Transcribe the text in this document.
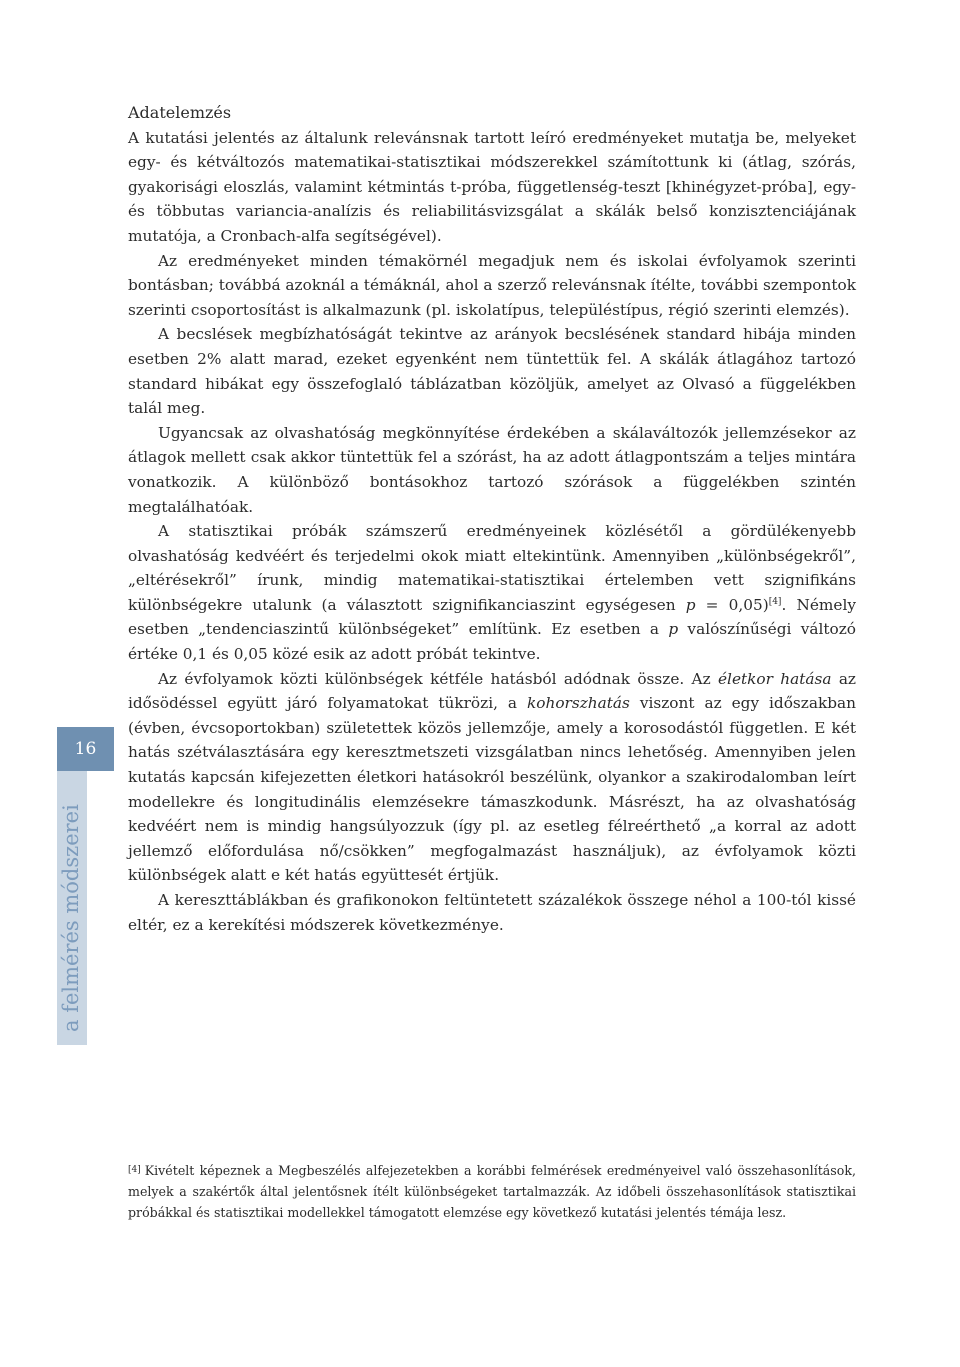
16
a felmérés módszerei
Adatelemzés

A kutatási jelentés az általunk relevánsnak tartott leíró eredményeket mutatja be, melyeket egy- és kétváltozós matematikai-statisztikai módszerekkel számítottunk ki (átlag, szórás, gyakorisági eloszlás, valamint kétmintás t-próba, függetlenség-teszt [khinégyzet-próba], egy- és többutas variancia-analízis és reliabilitásvizsgálat a skálák belső konzisztenciájának mutatója, a Cronbach-alfa segítségével).

Az eredményeket minden témakörnél megadjuk nem és iskolai évfolyamok szerinti bontásban; továbbá azoknál a témáknál, ahol a szerző relevánsnak ítélte, további szempontok szerinti csoportosítást is alkalmazunk (pl. iskolatípus, településtípus, régió szerinti elemzés).

A becslések megbízhatóságát tekintve az arányok becslésének standard hibája minden esetben 2% alatt marad, ezeket egyenként nem tüntettük fel. A skálák átlagához tartozó standard hibákat egy összefoglaló táblázatban közöljük, amelyet az Olvasó a függelékben talál meg.

Ugyancsak az olvashatóság megkönnyítése érdekében a skálaváltozók jellemzésekor az átlagok mellett csak akkor tüntettük fel a szórást, ha az adott átlagpontszám a teljes mintára vonatkozik. A különböző bontásokhoz tartozó szórások a függelékben szintén megtalálhatóak.

A statisztikai próbák számszerű eredményeinek közlésétől a gördülékenyebb olvashatóság kedvéért és terjedelmi okok miatt eltekintünk. Amennyiben „különbségekről”, „eltérésekről” írunk, mindig matematikai-statisztikai értelemben vett szignifikáns különbségekre utalunk (a választott szignifikanciaszint egységesen p = 0,05)[4]. Némely esetben „tendenciaszintű különbségeket” említünk. Ez esetben a p valószínűségi változó értéke 0,1 és 0,05 közé esik az adott próbát tekintve.

Az évfolyamok közti különbségek kétféle hatásból adódnak össze. Az életkor hatása az idősödéssel együtt járó folyamatokat tükrözi, a kohorszhatás viszont az egy időszakban (évben, évcsoportokban) születettek közös jellemzője, amely a korosodástól független. E két hatás szétválasztására egy keresztmetszeti vizsgálatban nincs lehetőség. Amennyiben jelen kutatás kapcsán kifejezetten életkori hatásokról beszélünk, olyankor a szakirodalomban leírt modellekre és longitudinális elemzésekre támaszkodunk. Másrészt, ha az olvashatóság kedvéért nem is mindig hangsúlyozzuk (így pl. az esetleg félreérthető „a korral az adott jellemző előfordulása nő/csökken” megfogalmazást használjuk), az évfolyamok közti különbségek alatt e két hatás együttesét értjük.

A kereszttáblákban és grafikonokon feltüntetett százalékok összege néhol a 100-tól kissé eltér, ez a kerekítési módszerek következménye.

[4] Kivételt képeznek a Megbeszélés alfejezetekben a korábbi felmérések eredményeivel való összehasonlítások, melyek a szakértők által jelentősnek ítélt különbségeket tartalmazzák. Az időbeli összehasonlítások statisztikai próbákkal és statisztikai modellekkel támogatott elemzése egy következő kutatási jelentés témája lesz.
